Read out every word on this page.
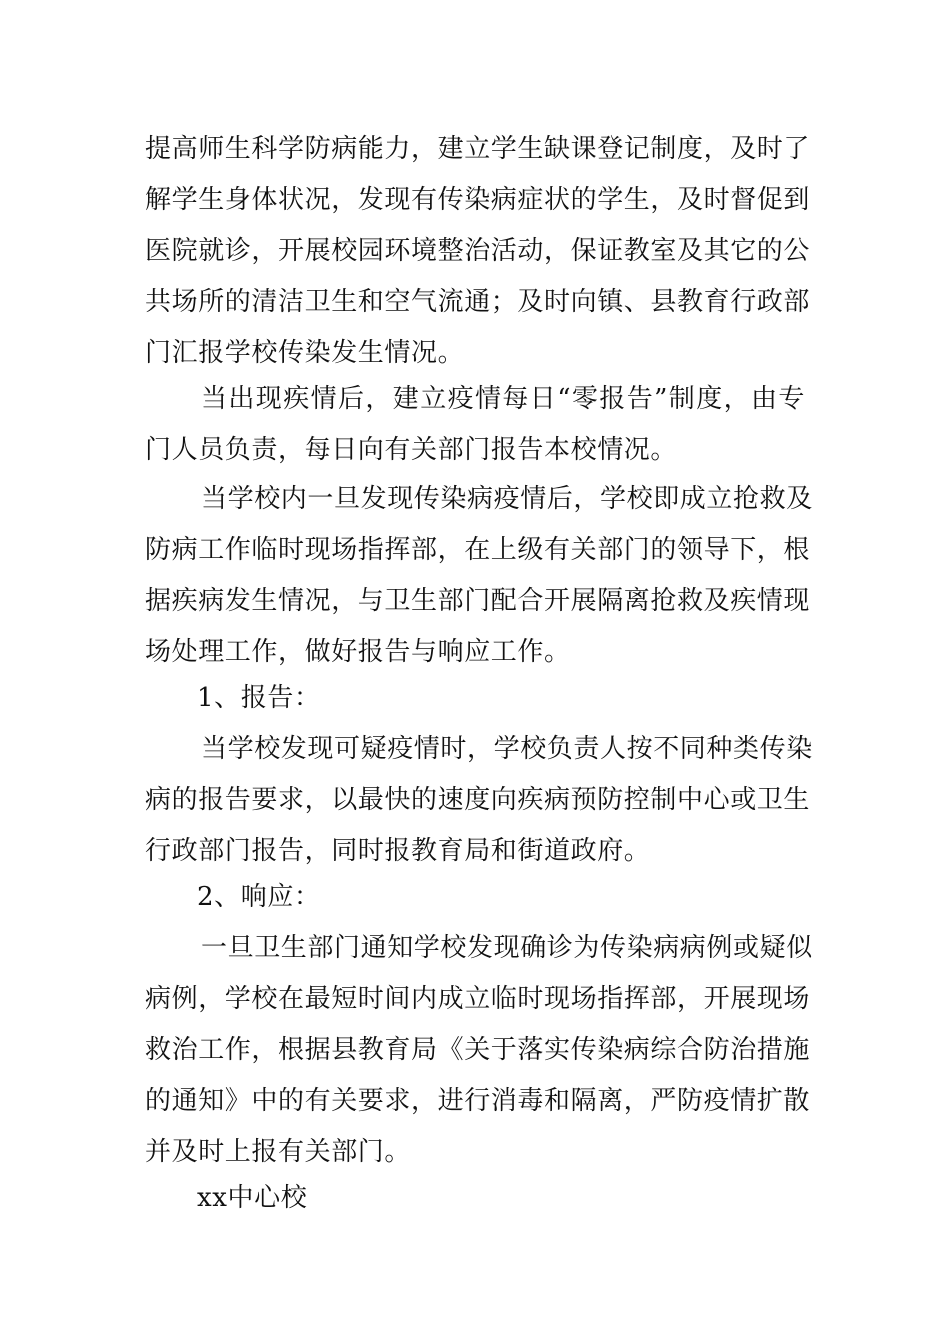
提高师生科学防病能力，建立学生缺课登记制度，及时了
解学生身体状况，发现有传染病症状的学生，及时督促到
医院就诊，开展校园环境整治活动，保证教室及其它的公
共场所的清洁卫生和空气流通；及时向镇、县教育行政部
门汇报学校传染发生情况。
当出现疾情后，建立疫情每日“零报告”制度，由专
门人员负责，每日向有关部门报告本校情况。
当学校内一旦发现传染病疫情后，学校即成立抢救及
防病工作临时现场指挥部，在上级有关部门的领导下，根
据疾病发生情况，与卫生部门配合开展隔离抢救及疾情现
场处理工作，做好报告与响应工作。
1、报告：
当学校发现可疑疫情时，学校负责人按不同种类传染
病的报告要求，以最快的速度向疾病预防控制中心或卫生
行政部门报告，同时报教育局和街道政府。
2、响应：
一旦卫生部门通知学校发现确诊为传染病病例或疑似
病例，学校在最短时间内成立临时现场指挥部，开展现场
救治工作，根据县教育局《关于落实传染病综合防治措施
的通知》中的有关要求，进行消毒和隔离，严防疫情扩散
并及时上报有关部门。
xx中心校
